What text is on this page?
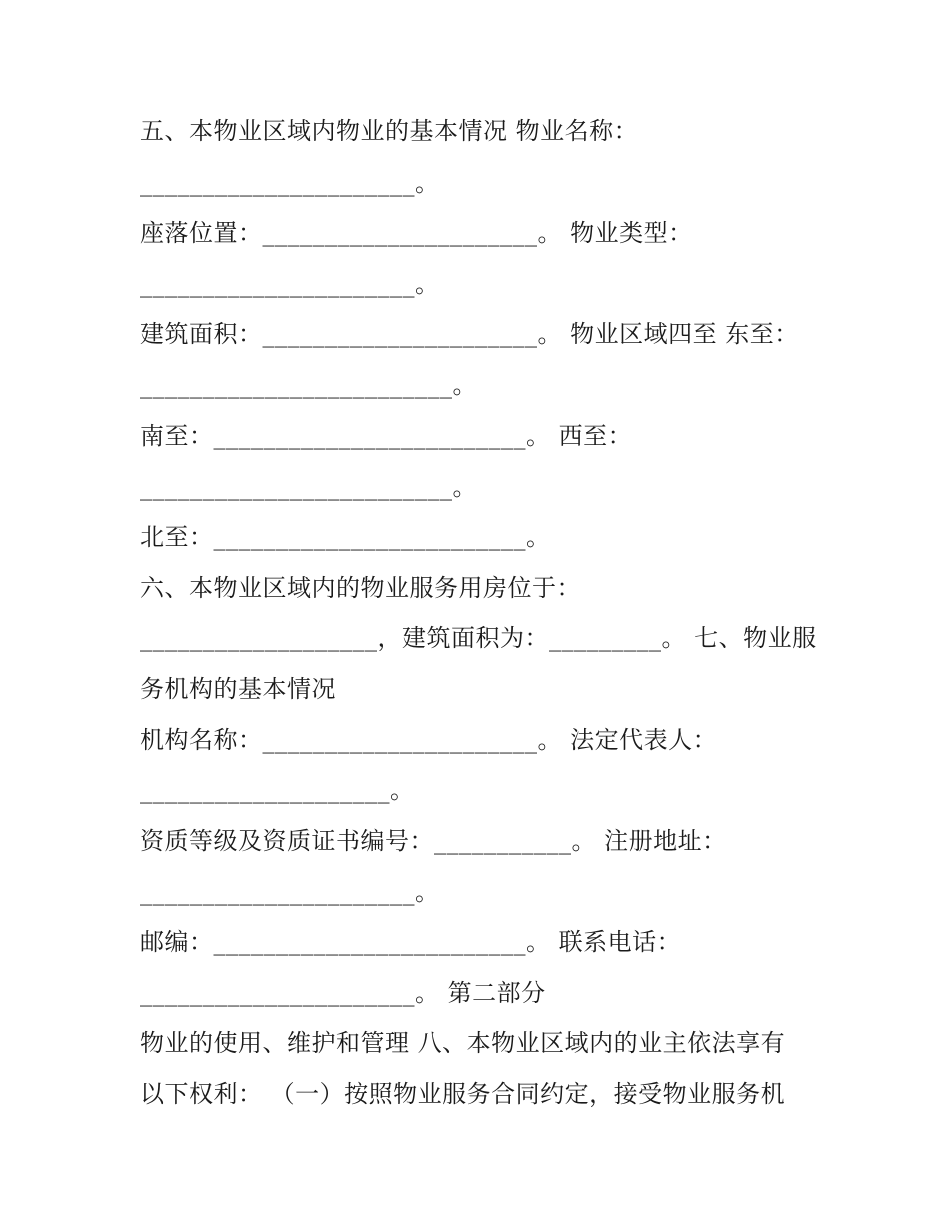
五、本物业区域内物业的基本情况 物业名称：
______________________。
座落位置：______________________。 物业类型：
______________________。
建筑面积：______________________。 物业区域四至 东至：
_________________________。
南至：_________________________。 西至：
_________________________。
北至：_________________________。
六、本物业区域内的物业服务用房位于：
___________________，建筑面积为：_________。 七、物业服
务机构的基本情况
机构名称：______________________。 法定代表人：
____________________。
资质等级及资质证书编号：___________。 注册地址：
______________________。
邮编：_________________________。 联系电话：
______________________。 第二部分
物业的使用、维护和管理 八、本物业区域内的业主依法享有
以下权利： （一）按照物业服务合同约定，接受物业服务机
